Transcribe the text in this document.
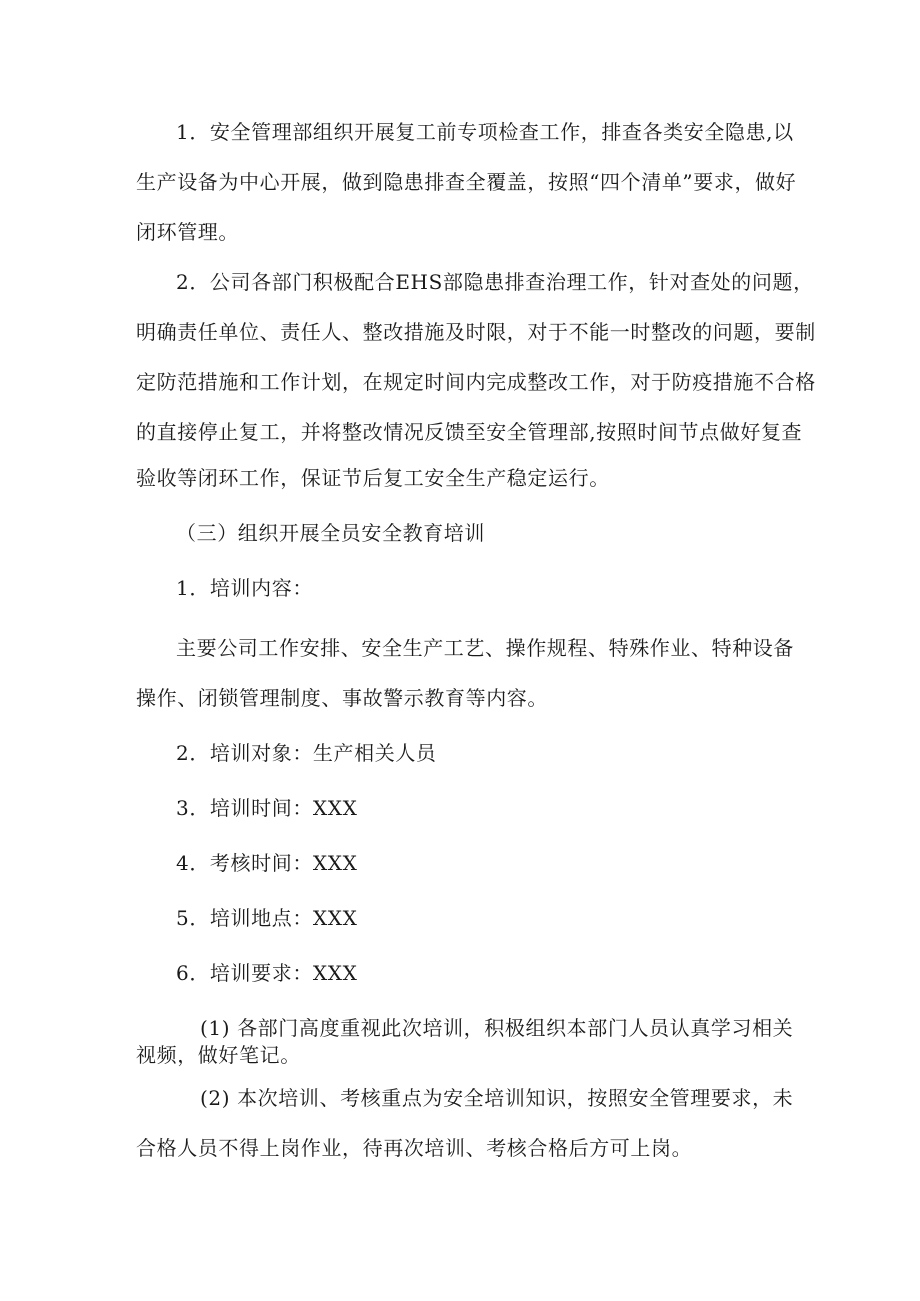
1．安全管理部组织开展复工前专项检查工作，排查各类安全隐患,以
生产设备为中心开展，做到隐患排查全覆盖，按照“四个清单”要求，做好
闭环管理。
2．公司各部门积极配合EHS部隐患排查治理工作，针对查处的问题，
明确责任单位、责任人、整改措施及时限，对于不能一时整改的问题，要制
定防范措施和工作计划，在规定时间内完成整改工作，对于防疫措施不合格
的直接停止复工，并将整改情况反馈至安全管理部,按照时间节点做好复查
验收等闭环工作，保证节后复工安全生产稳定运行。
（三）组织开展全员安全教育培训
1．培训内容：
主要公司工作安排、安全生产工艺、操作规程、特殊作业、特种设备
操作、闭锁管理制度、事故警示教育等内容。
2．培训对象：生产相关人员
3．培训时间：XXX
4．考核时间：XXX
5．培训地点：XXX
6．培训要求：XXX
(1) 各部门高度重视此次培训，积极组织本部门人员认真学习相关
视频，做好笔记。
(2) 本次培训、考核重点为安全培训知识，按照安全管理要求，未
合格人员不得上岗作业，待再次培训、考核合格后方可上岗。
